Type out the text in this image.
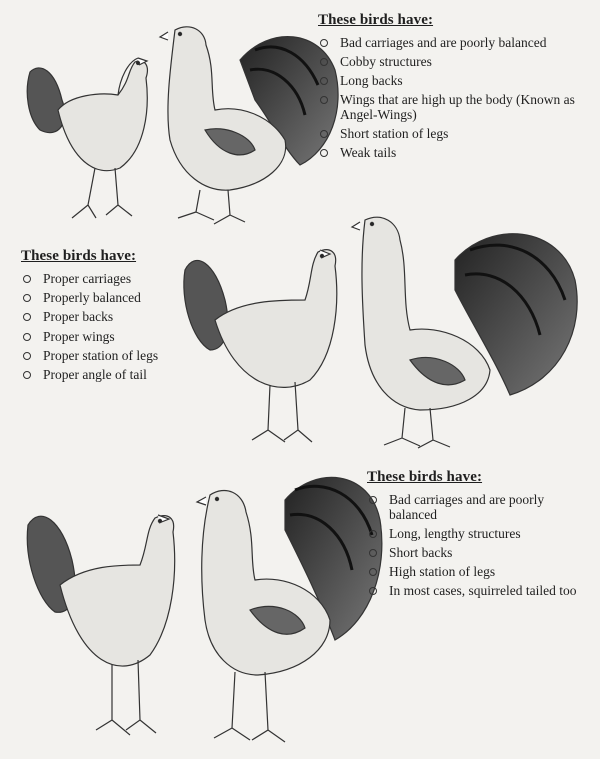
These birds have:
Bad carriages and are poorly balanced
Cobby structures
Long backs
Wings that are high up the body (Known as Angel-Wings)
Short station of legs
Weak tails
These birds have:
Proper carriages
Properly balanced
Proper backs
Proper wings
Proper station of legs
Proper angle of tail
These birds have:
Bad carriages and are poorly balanced
Long, lengthy structures
Short backs
High station of legs
In most cases, squirreled tailed too
